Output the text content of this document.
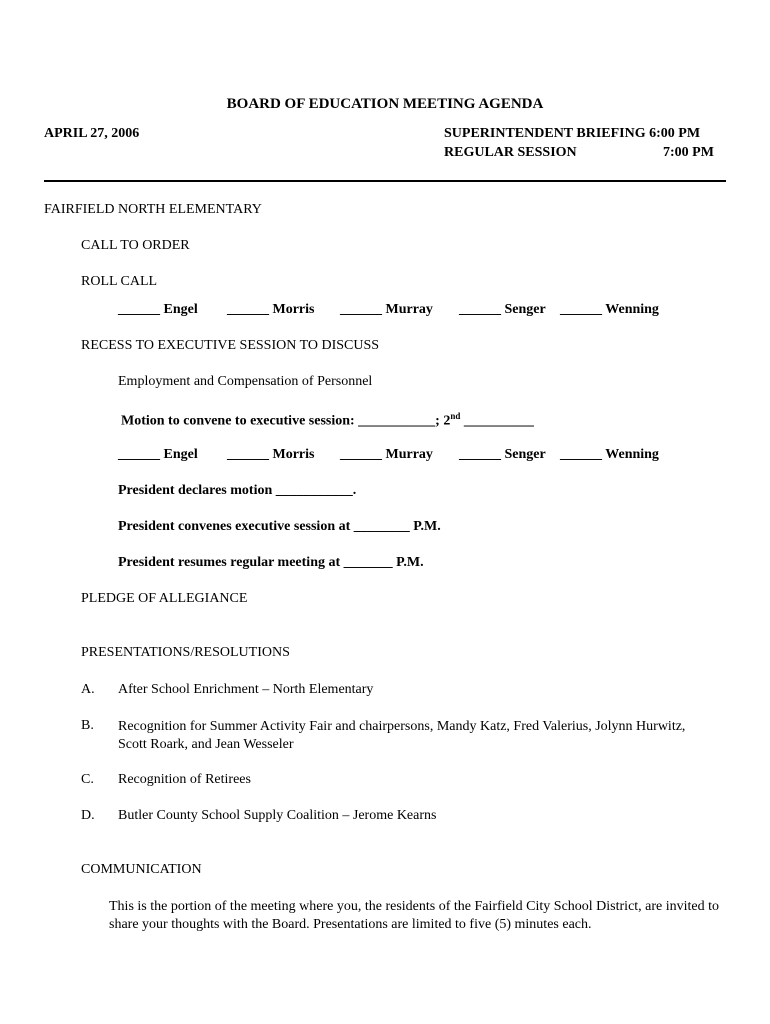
BOARD OF EDUCATION MEETING AGENDA
APRIL 27, 2006	SUPERINTENDENT BRIEFING 6:00 PM
REGULAR SESSION	7:00 PM
FAIRFIELD NORTH ELEMENTARY
CALL TO ORDER
ROLL CALL
______ Engel ______ Morris ______ Murray ______ Senger ______ Wenning
RECESS TO EXECUTIVE SESSION TO DISCUSS
Employment and Compensation of Personnel
Motion to convene to executive session: ___________; 2nd __________
______ Engel ______ Morris ______ Murray ______ Senger ______ Wenning
President declares motion ___________.
President convenes executive session at ________ P.M.
President resumes regular meeting at _______ P.M.
PLEDGE OF ALLEGIANCE
PRESENTATIONS/RESOLUTIONS
A. After School Enrichment – North Elementary
B. Recognition for Summer Activity Fair and chairpersons, Mandy Katz, Fred Valerius, Jolynn Hurwitz, Scott Roark, and Jean Wesseler
C. Recognition of Retirees
D. Butler County School Supply Coalition – Jerome Kearns
COMMUNICATION
This is the portion of the meeting where you, the residents of the Fairfield City School District, are invited to share your thoughts with the Board. Presentations are limited to five (5) minutes each.
